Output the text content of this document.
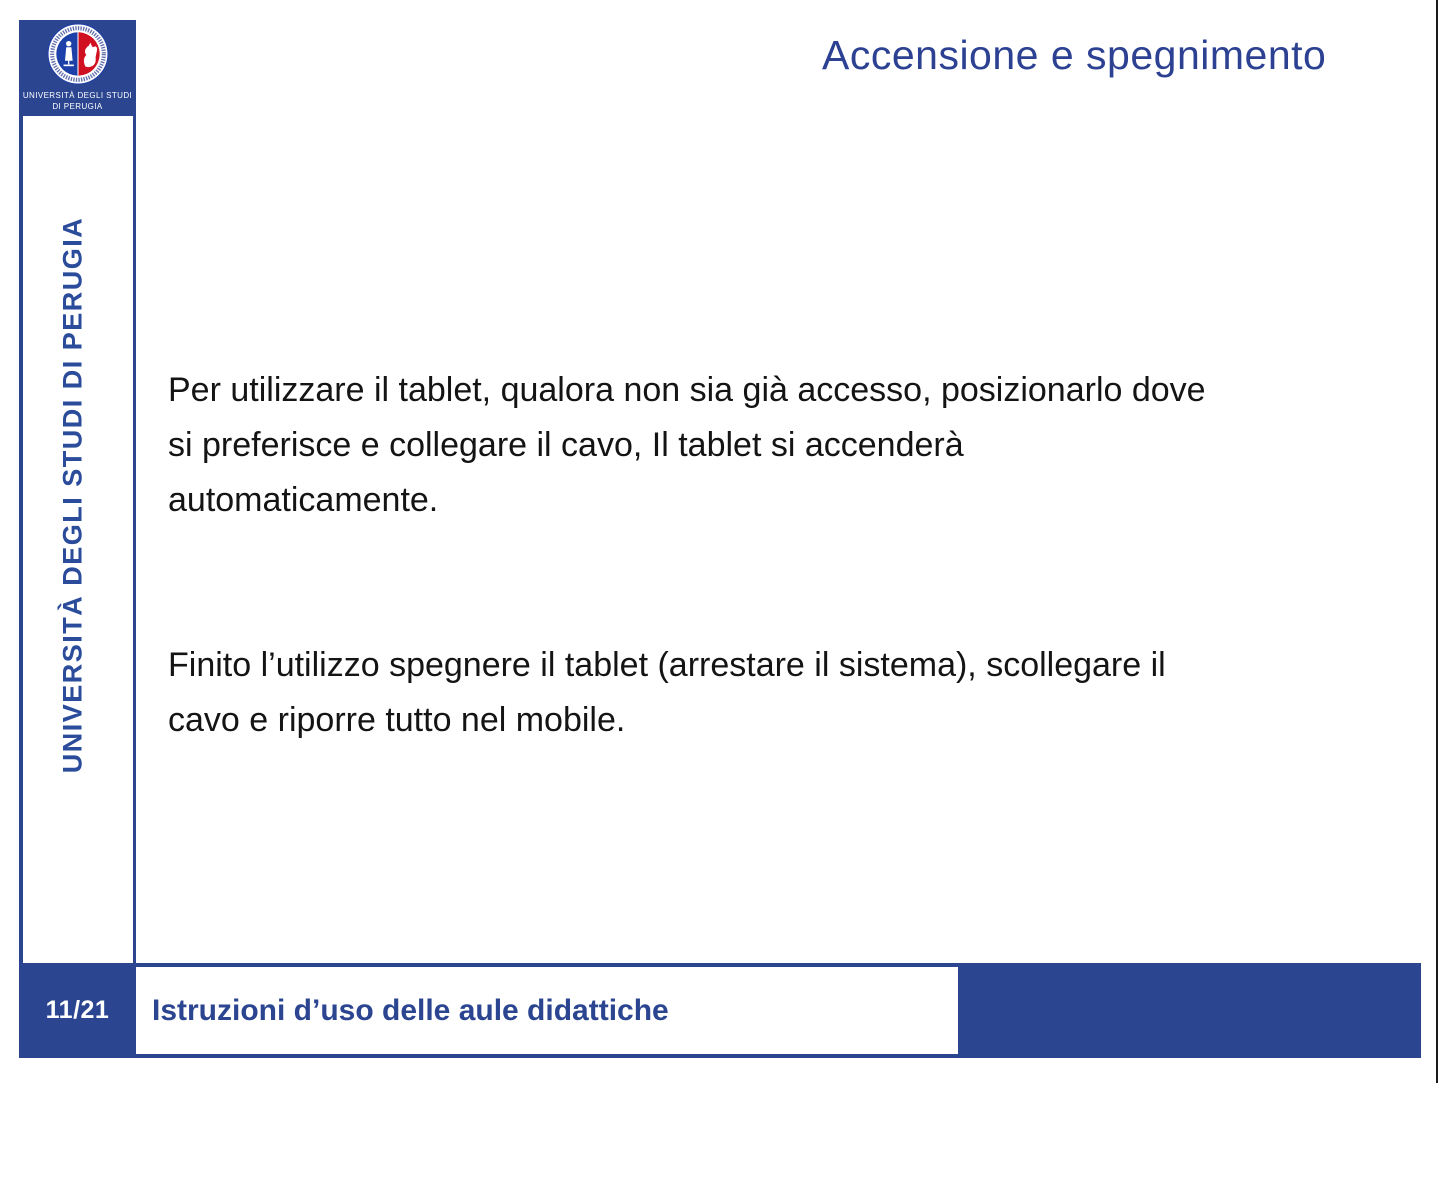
UNIVERSITÀ DEGLI STUDI
DI PERUGIA
UNIVERSITÀ DEGLI STUDI DI PERUGIA
Accensione e spegnimento
Per utilizzare il tablet, qualora non sia già accesso, posizionarlo dove
si preferisce e collegare il cavo, Il tablet si accenderà
automaticamente.
Finito l’utilizzo spegnere il tablet (arrestare il sistema), scollegare il
cavo e riporre tutto nel mobile.
11/21 Istruzioni d’uso delle aule didattiche
